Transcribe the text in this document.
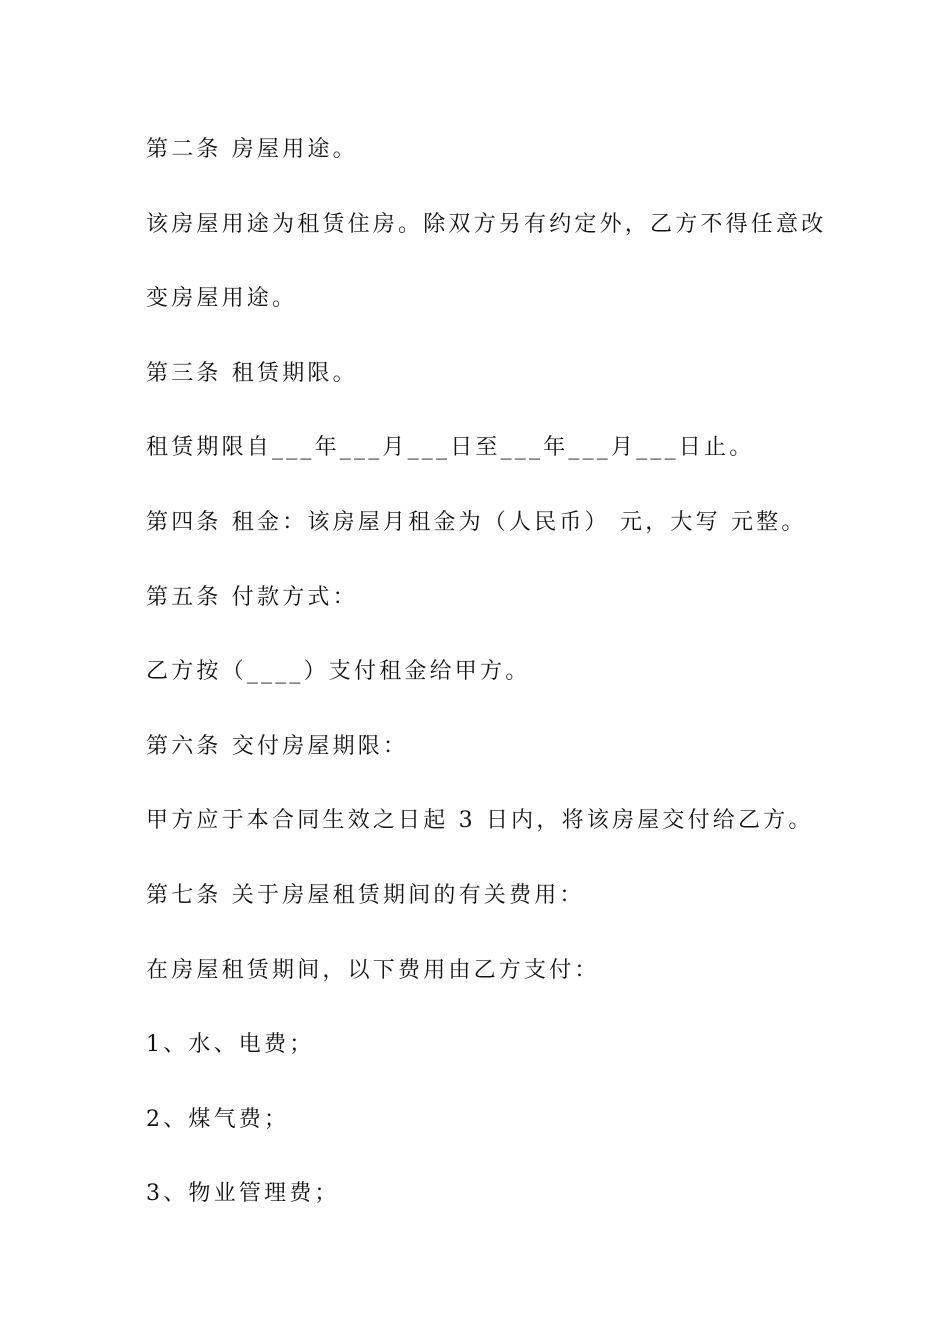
第二条 房屋用途。

该房屋用途为租赁住房。除双方另有约定外，乙方不得任意改

变房屋用途。

第三条 租赁期限。

租赁期限自___年___月___日至___年___月___日止。

第四条 租金：该房屋月租金为（人民币） 元，大写 元整。

第五条 付款方式：

乙方按（____）支付租金给甲方。

第六条 交付房屋期限：

甲方应于本合同生效之日起 3 日内，将该房屋交付给乙方。

第七条 关于房屋租赁期间的有关费用：

在房屋租赁期间，以下费用由乙方支付：

1、水、电费；

2、煤气费；

3、物业管理费；
